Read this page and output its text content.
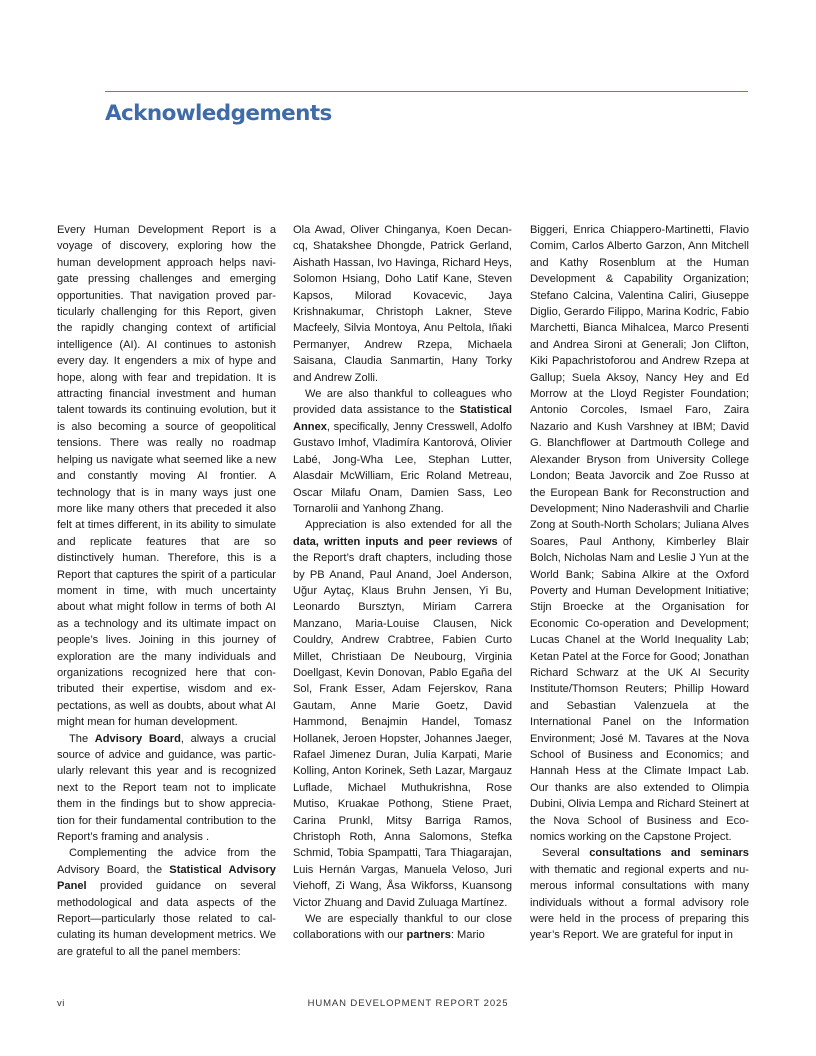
Acknowledgements

Every Human Development Report is a voyage of discovery, exploring how the human development approach helps navigate pressing challenges and emerging opportunities. That navigation proved particularly challenging for this Report, given the rapidly changing context of artificial intelligence (AI). AI continues to astonish every day. It engenders a mix of hype and hope, along with fear and trepidation. It is attracting financial investment and human talent towards its continuing evolution, but it is also becoming a source of geopolitical tensions. There was really no roadmap helping us navigate what seemed like a new and constantly moving AI frontier. A technology that is in many ways just one more like many others that preceded it also felt at times different, in its ability to simulate and replicate features that are so distinctively human. Therefore, this is a Report that captures the spirit of a particular moment in time, with much uncertainty about what might follow in terms of both AI as a technology and its ultimate impact on people’s lives. Joining in this journey of exploration are the many individuals and organizations recognized here that contributed their expertise, wisdom and expectations, as well as doubts, about what AI might mean for human development.

The Advisory Board, always a crucial source of advice and guidance, was particularly relevant this year and is recognized next to the Report team not to implicate them in the findings but to show appreciation for their fundamental contribution to the Report’s framing and analysis .

Complementing the advice from the Advisory Board, the Statistical Advisory Panel provided guidance on several methodological and data aspects of the Report—particularly those related to calculating its human development metrics. We are grateful to all the panel members:

Ola Awad, Oliver Chinganya, Koen Decancq, Shatakshee Dhongde, Patrick Gerland, Aishath Hassan, Ivo Havinga, Richard Heys, Solomon Hsiang, Doho Latif Kane, Steven Kapsos, Milorad Kovacevic, Jaya Krishnakumar, Christoph Lakner, Steve Macfeely, Silvia Montoya, Anu Peltola, Iñaki Permanyer, Andrew Rzepa, Michaela Saisana, Claudia Sanmartin, Hany Torky and Andrew Zolli.

We are also thankful to colleagues who provided data assistance to the Statistical Annex, specifically, Jenny Cresswell, Adolfo Gustavo Imhof, Vladimíra Kantorová, Olivier Labé, Jong-Wha Lee, Stephan Lutter, Alasdair McWilliam, Eric Roland Metreau, Oscar Milafu Onam, Damien Sass, Leo Tornarolii and Yanhong Zhang.

Appreciation is also extended for all the data, written inputs and peer reviews of the Report’s draft chapters, including those by PB Anand, Paul Anand, Joel Anderson, Uğur Aytaç, Klaus Bruhn Jensen, Yi Bu, Leonardo Bursztyn, Miriam Carrera Manzano, Maria-Louise Clausen, Nick Couldry, Andrew Crabtree, Fabien Curto Millet, Christiaan De Neubourg, Virginia Doellgast, Kevin Donovan, Pablo Egaña del Sol, Frank Esser, Adam Fejerskov, Rana Gautam, Anne Marie Goetz, David Hammond, Benajmin Handel, Tomasz Hollanek, Jeroen Hopster, Johannes Jaeger, Rafael Jimenez Duran, Julia Karpati, Marie Kolling, Anton Korinek, Seth Lazar, Margauz Luflade, Michael Muthukrishna, Rose Mutiso, Kruakae Pothong, Stiene Praet, Carina Prunkl, Mitsy Barriga Ramos, Christoph Roth, Anna Salomons, Stefka Schmid, Tobia Spampatti, Tara Thiagarajan, Luis Hernán Vargas, Manuela Veloso, Juri Viehoff, Zi Wang, Åsa Wikforss, Kuansong Victor Zhuang and David Zuluaga Martínez.

We are especially thankful to our close collaborations with our partners: Mario

Biggeri, Enrica Chiappero-Martinetti, Flavio Comim, Carlos Alberto Garzon, Ann Mitchell and Kathy Rosenblum at the Human Development & Capability Organization; Stefano Calcina, Valentina Caliri, Giuseppe Diglio, Gerardo Filippo, Marina Kodric, Fabio Marchetti, Bianca Mihalcea, Marco Presenti and Andrea Sironi at Generali; Jon Clifton, Kiki Papachristoforou and Andrew Rzepa at Gallup; Suela Aksoy, Nancy Hey and Ed Morrow at the Lloyd Register Foundation; Antonio Corcoles, Ismael Faro, Zaira Nazario and Kush Varshney at IBM; David G. Blanchflower at Dartmouth College and Alexander Bryson from University College London; Beata Javorcik and Zoe Russo at the European Bank for Reconstruction and Development; Nino Naderashvili and Charlie Zong at South-North Scholars; Juliana Alves Soares, Paul Anthony, Kimberley Blair Bolch, Nicholas Nam and Leslie J Yun at the World Bank; Sabina Alkire at the Oxford Poverty and Human Development Initiative; Stijn Broecke at the Organisation for Economic Co-operation and Development; Lucas Chanel at the World Inequality Lab; Ketan Patel at the Force for Good; Jonathan Richard Schwarz at the UK AI Security Institute/Thomson Reuters; Phillip Howard and Sebastian Valenzuela at the International Panel on the Information Environment; José M. Tavares at the Nova School of Business and Economics; and Hannah Hess at the Climate Impact Lab. Our thanks are also extended to Olimpia Dubini, Olivia Lempa and Richard Steinert at the Nova School of Business and Economics working on the Capstone Project.

Several consultations and seminars with thematic and regional experts and numerous informal consultations with many individuals without a formal advisory role were held in the process of preparing this year’s Report. We are grateful for input in

vi	HUMAN DEVELOPMENT REPORT 2025
